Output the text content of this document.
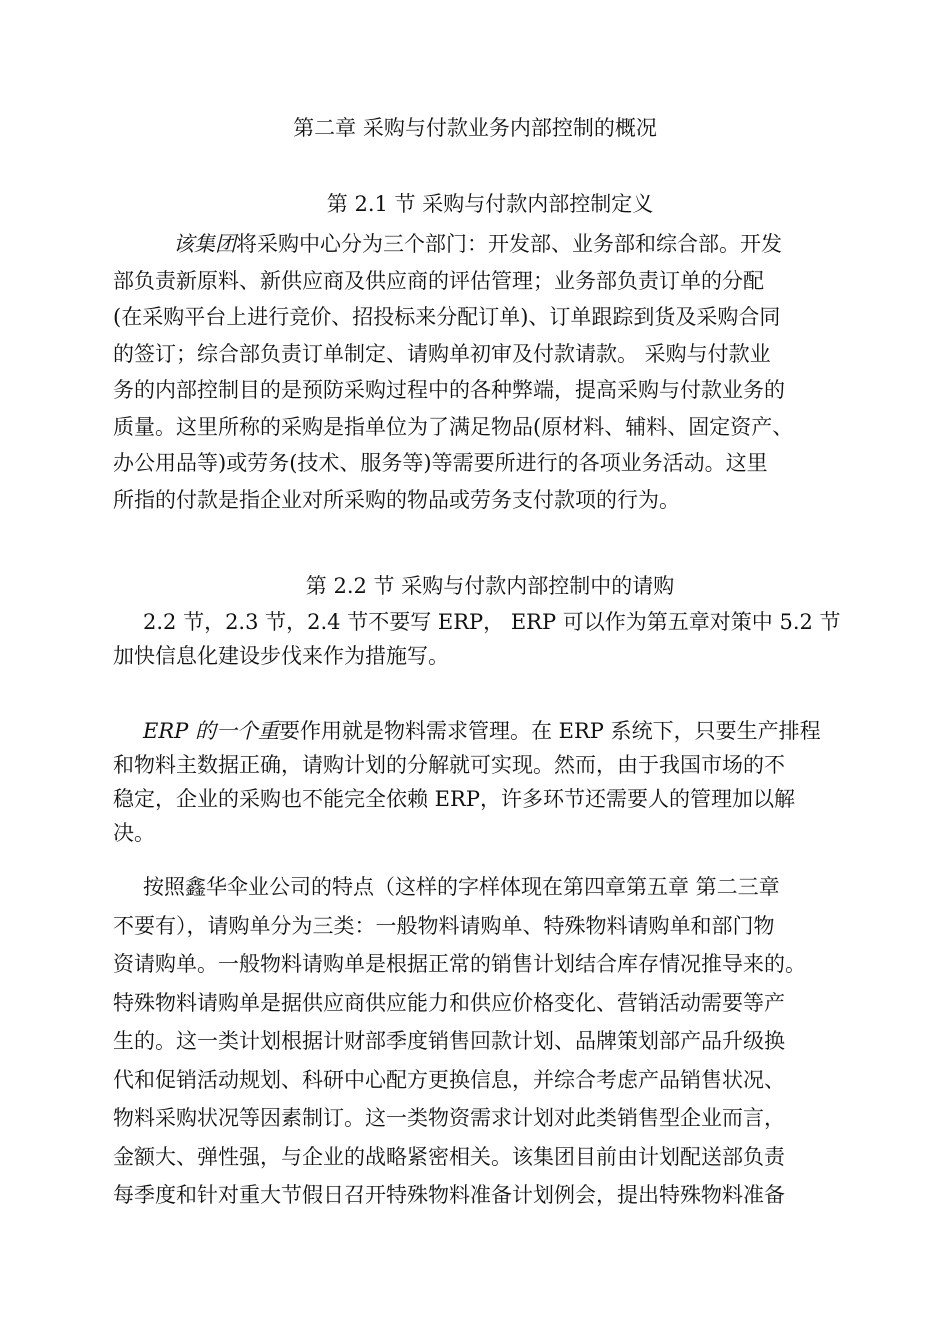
第二章 采购与付款业务内部控制的概况
第 2.1 节 采购与付款内部控制定义
该集团将采购中心分为三个部门：开发部、业务部和综合部。开发
部负责新原料、新供应商及供应商的评估管理；业务部负责订单的分配
(在采购平台上进行竞价、招投标来分配订单)、订单跟踪到货及采购合同
的签订；综合部负责订单制定、请购单初审及付款请款。 采购与付款业
务的内部控制目的是预防采购过程中的各种弊端，提高采购与付款业务的
质量。这里所称的采购是指单位为了满足物品(原材料、辅料、固定资产、
办公用品等)或劳务(技术、服务等)等需要所进行的各项业务活动。这里
所指的付款是指企业对所采购的物品或劳务支付款项的行为。
第 2.2 节 采购与付款内部控制中的请购
2.2 节，2.3 节，2.4 节不要写 ERP， ERP 可以作为第五章对策中 5.2 节
加快信息化建设步伐来作为措施写。
ERP 的一个重要作用就是物料需求管理。在 ERP 系统下，只要生产排程
和物料主数据正确，请购计划的分解就可实现。然而，由于我国市场的不
稳定，企业的采购也不能完全依赖 ERP，许多环节还需要人的管理加以解
决。
按照鑫华伞业公司的特点（这样的字样体现在第四章第五章 第二三章
不要有），请购单分为三类：一般物料请购单、特殊物料请购单和部门物
资请购单。一般物料请购单是根据正常的销售计划结合库存情况推导来的。
特殊物料请购单是据供应商供应能力和供应价格变化、营销活动需要等产
生的。这一类计划根据计财部季度销售回款计划、品牌策划部产品升级换
代和促销活动规划、科研中心配方更换信息，并综合考虑产品销售状况、
物料采购状况等因素制订。这一类物资需求计划对此类销售型企业而言，
金额大、弹性强，与企业的战略紧密相关。该集团目前由计划配送部负责
每季度和针对重大节假日召开特殊物料准备计划例会，提出特殊物料准备
